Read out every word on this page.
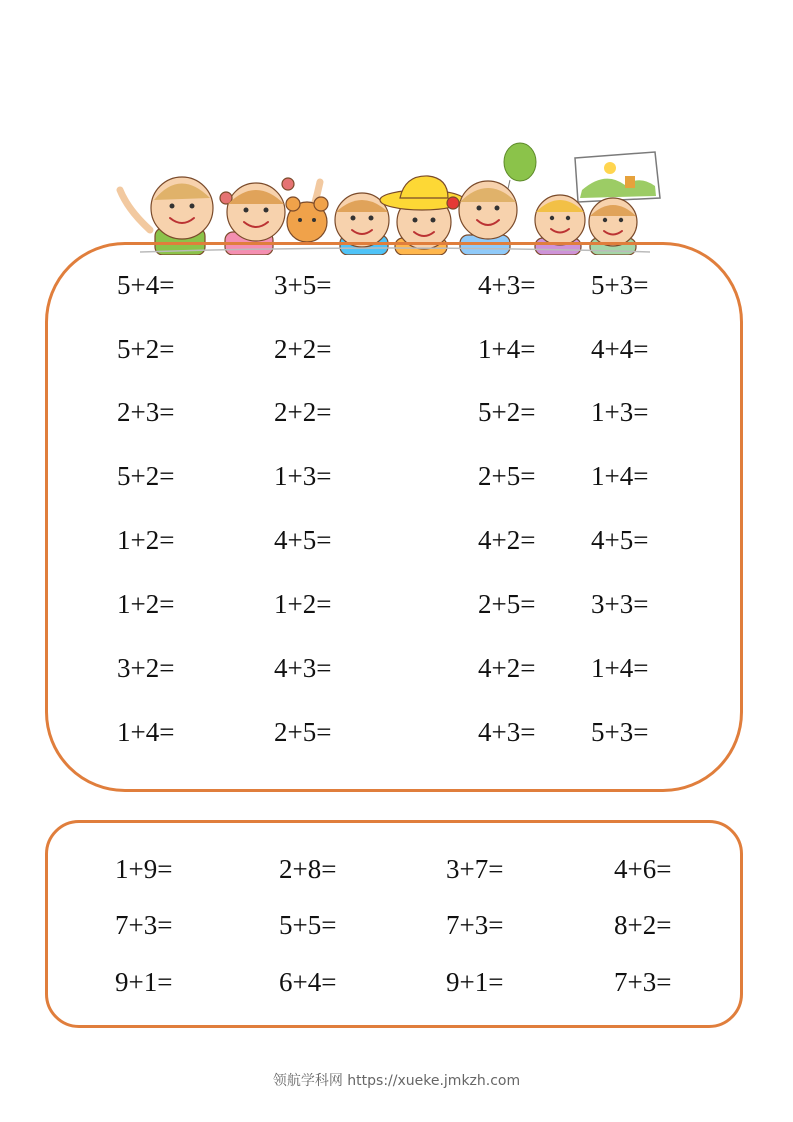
5+4=	3+5=	4+3= 5+3=
5+2=	2+2=	1+4= 4+4=
2+3=	2+2=	5+2= 1+3=
5+2=	1+3=	2+5= 1+4=
1+2=	4+5=	4+2= 4+5=
1+2=	1+2=	2+5= 3+3=
3+2=	4+3=	4+2= 1+4=
1+4=	2+5=	4+3= 5+3=
1+9=	2+8=	3+7=	4+6=
7+3=	5+5=	7+3=	8+2=
9+1=	6+4=	9+1=	7+3=
领航学科网 https://xueke.jmkzh.com
